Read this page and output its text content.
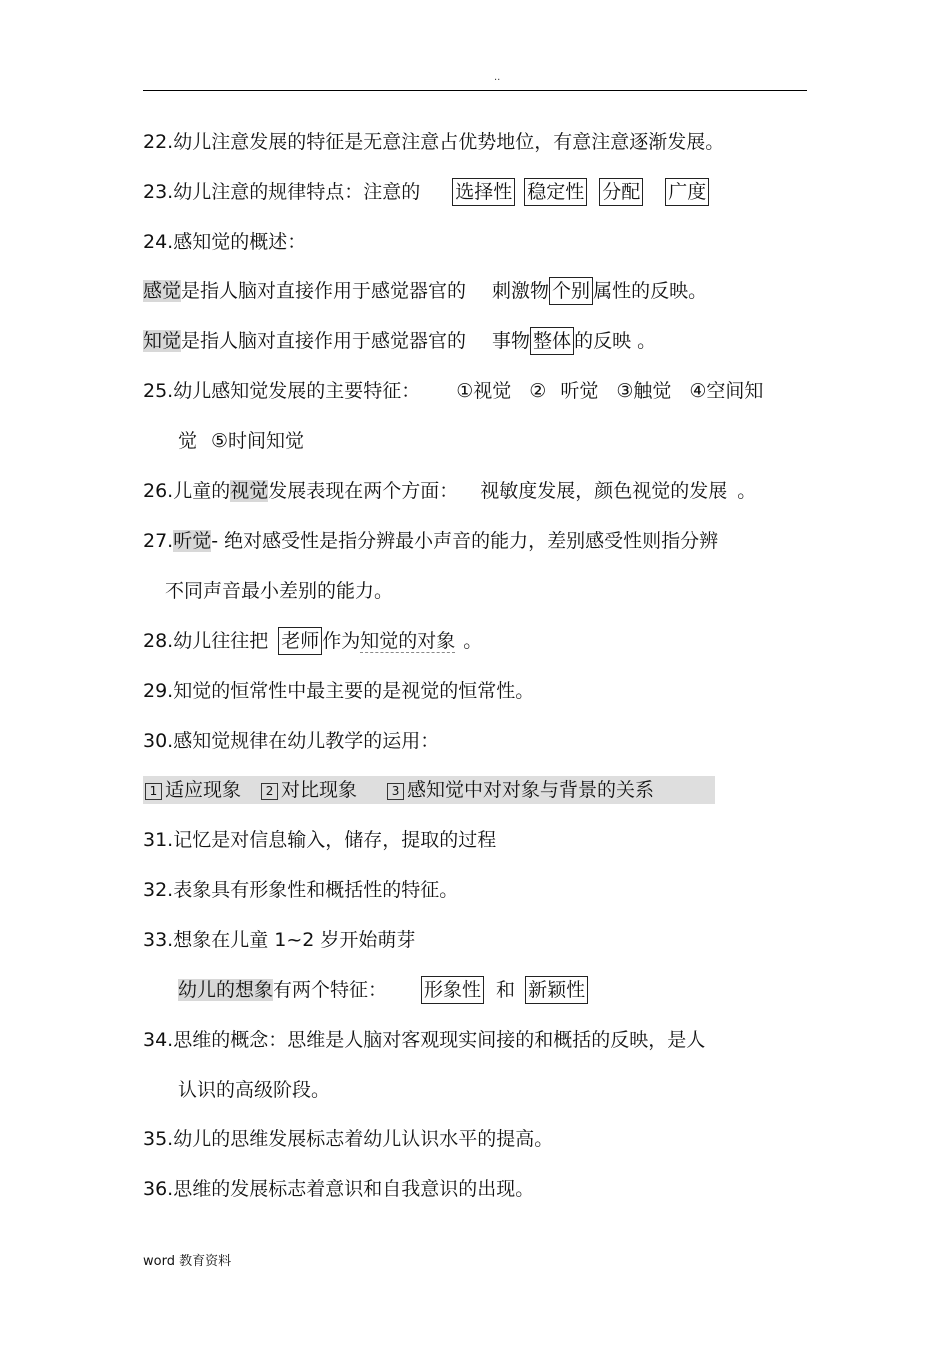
..
22.幼儿注意发展的特征是无意注意占优势地位，有意注意逐渐发展。
23.幼儿注意的规律特点：注意的 选择性 稳定性 分配 广度
24.感知觉的概述：
感觉是指人脑对直接作用于感觉器官的 刺激物 个别 属性的反映。
知觉是指人脑对直接作用于感觉器官的 事物 整体 的反映 。
25.幼儿感知觉发展的主要特征： ①视觉 ② 听觉 ③触觉 ④空间知
觉 ⑤时间知觉
26.儿童的视觉发展表现在两个方面： 视敏度发展，颜色视觉的发展 。
27.听觉- 绝对感受性是指分辨最小声音的能力，差别感受性则指分辨
不同声音最小差别的能力。
28.幼儿往往把 老师 作为知觉的对象 。
29.知觉的恒常性中最主要的是视觉的恒常性。
30.感知觉规律在幼儿教学的运用：
1 适应现象 2 对比现象	3 感知觉中对对象与背景的关系
31.记忆是对信息输入，储存，提取的过程
32.表象具有形象性和概括性的特征。
33.想象在儿童 1~2 岁开始萌芽
幼儿的想象有两个特征： 形象性 和 新颖性
34.思维的概念：思维是人脑对客观现实间接的和概括的反映，是人
认识的高级阶段。
35.幼儿的思维发展标志着幼儿认识水平的提高。
36.思维的发展标志着意识和自我意识的出现。
word 教育资料
